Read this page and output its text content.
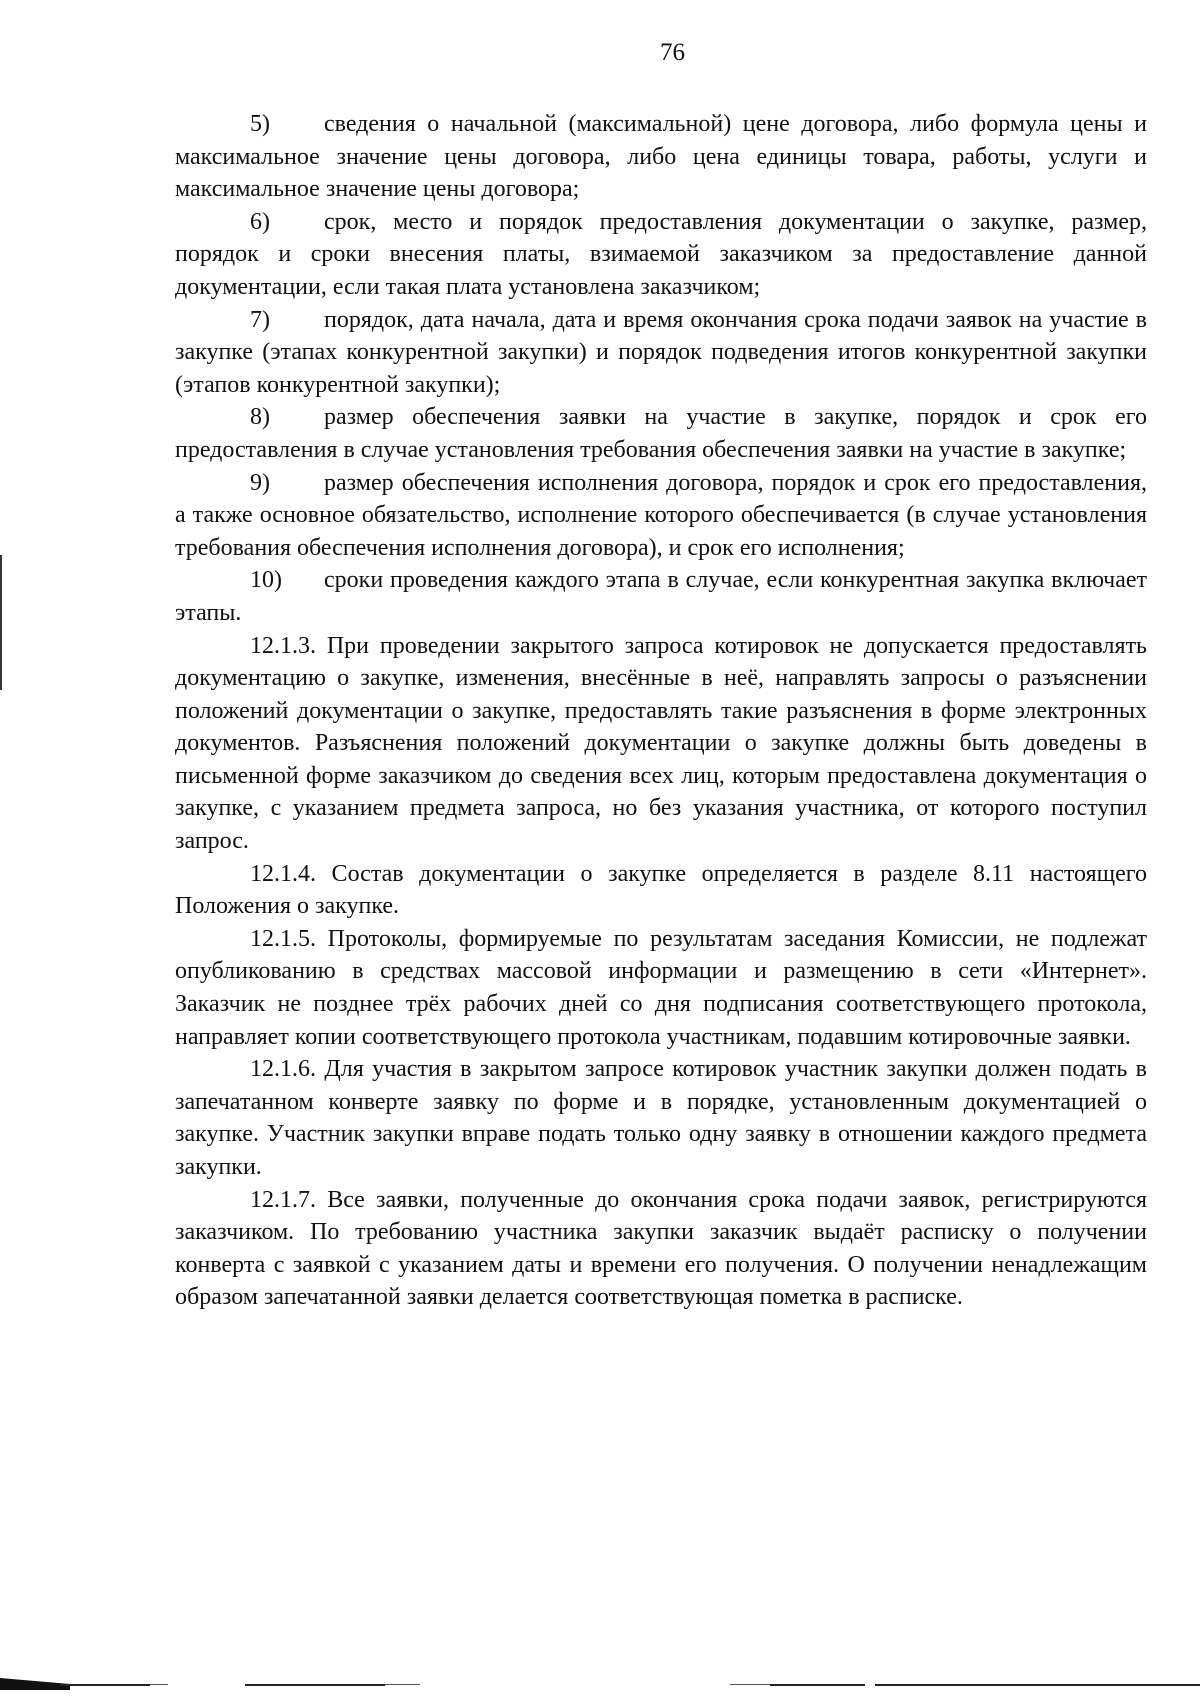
76

5) сведения о начальной (максимальной) цене договора, либо формула цены и максимальное значение цены договора, либо цена единицы товара, работы, услуги и максимальное значение цены договора;

6) срок, место и порядок предоставления документации о закупке, размер, порядок и сроки внесения платы, взимаемой заказчиком за предоставление данной документации, если такая плата установлена заказчиком;

7) порядок, дата начала, дата и время окончания срока подачи заявок на участие в закупке (этапах конкурентной закупки) и порядок подведения итогов конкурентной закупки (этапов конкурентной закупки);

8) размер обеспечения заявки на участие в закупке, порядок и срок его предоставления в случае установления требования обеспечения заявки на участие в закупке;

9) размер обеспечения исполнения договора, порядок и срок его предоставления, а также основное обязательство, исполнение которого обеспечивается (в случае установления требования обеспечения исполнения договора), и срок его исполнения;

10) сроки проведения каждого этапа в случае, если конкурентная закупка включает этапы.

12.1.3. При проведении закрытого запроса котировок не допускается предоставлять документацию о закупке, изменения, внесённые в неё, направлять запросы о разъяснении положений документации о закупке, предоставлять такие разъяснения в форме электронных документов. Разъяснения положений документации о закупке должны быть доведены в письменной форме заказчиком до сведения всех лиц, которым предоставлена документация о закупке, с указанием предмета запроса, но без указания участника, от которого поступил запрос.

12.1.4. Состав документации о закупке определяется в разделе 8.11 настоящего Положения о закупке.

12.1.5. Протоколы, формируемые по результатам заседания Комиссии, не подлежат опубликованию в средствах массовой информации и размещению в сети «Интернет». Заказчик не позднее трёх рабочих дней со дня подписания соответствующего протокола, направляет копии соответствующего протокола участникам, подавшим котировочные заявки.

12.1.6. Для участия в закрытом запросе котировок участник закупки должен подать в запечатанном конверте заявку по форме и в порядке, установленным документацией о закупке. Участник закупки вправе подать только одну заявку в отношении каждого предмета закупки.

12.1.7. Все заявки, полученные до окончания срока подачи заявок, регистрируются заказчиком. По требованию участника закупки заказчик выдаёт расписку о получении конверта с заявкой с указанием даты и времени его получения. О получении ненадлежащим образом запечатанной заявки делается соответствующая пометка в расписке.
